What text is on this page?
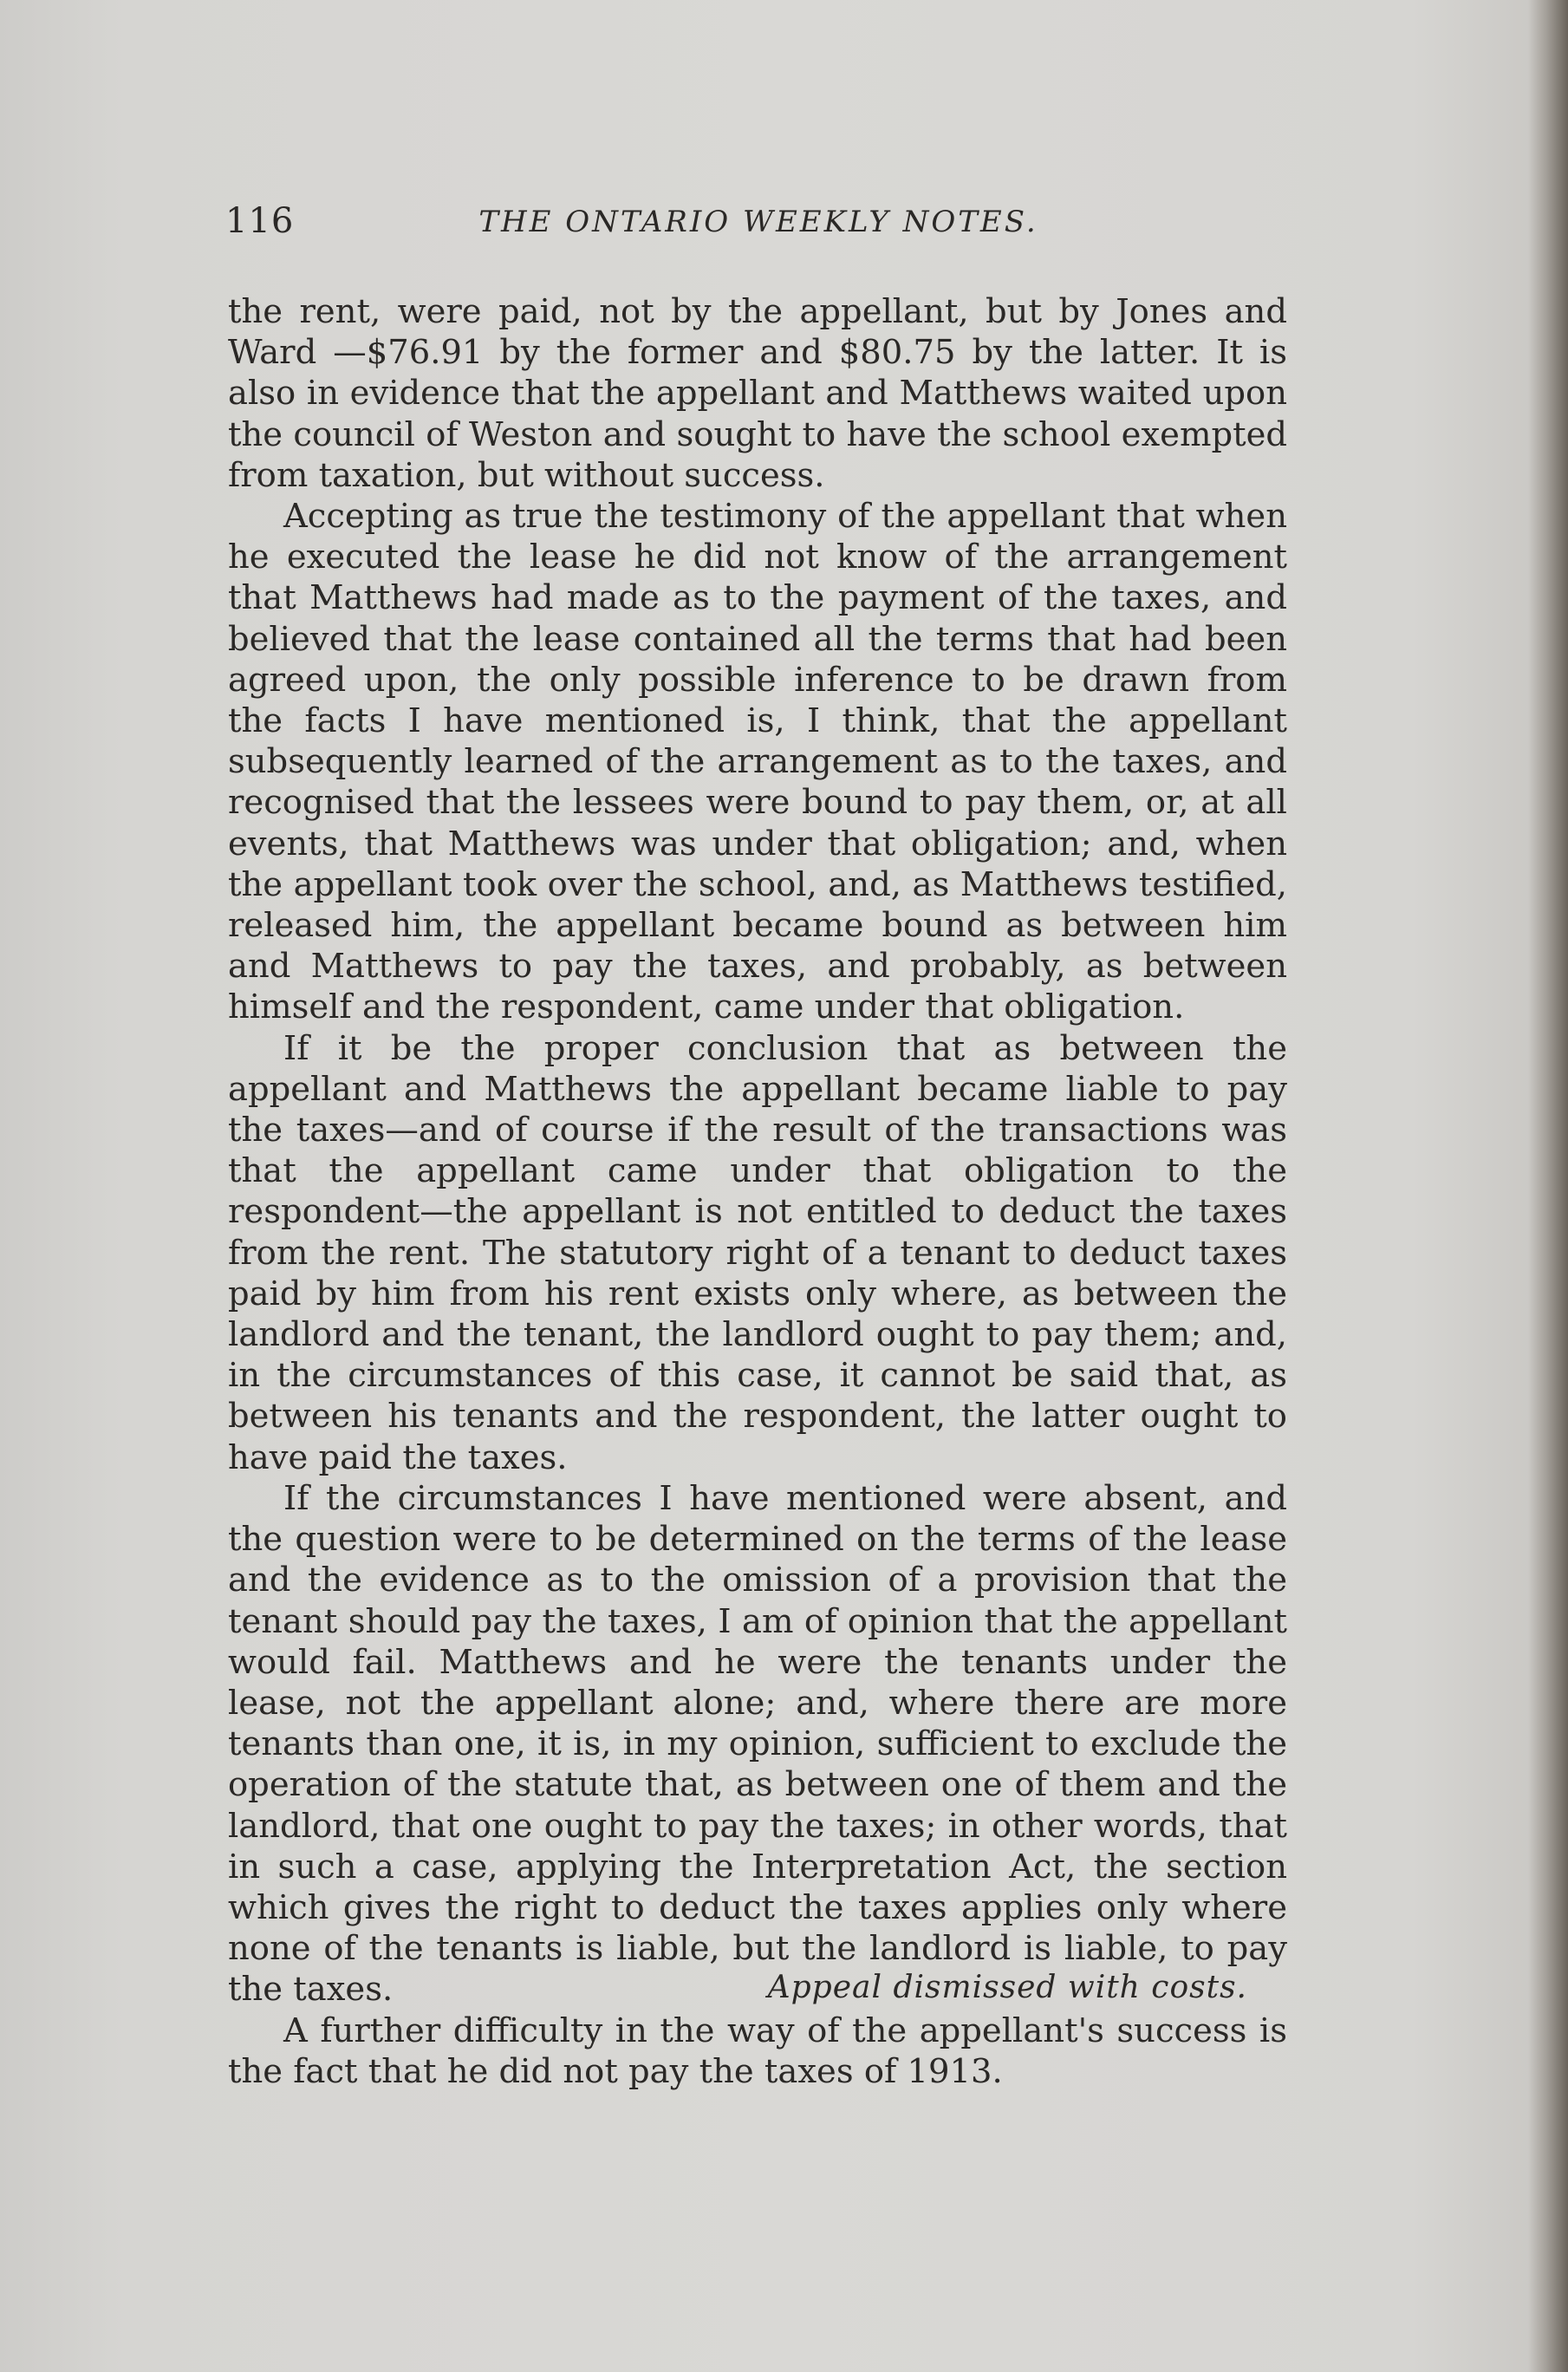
116	THE ONTARIO WEEKLY NOTES.

the rent, were paid, not by the appellant, but by Jones and Ward —$76.91 by the former and $80.75 by the latter. It is also in evidence that the appellant and Matthews waited upon the council of Weston and sought to have the school exempted from taxation, but without success.

Accepting as true the testimony of the appellant that when he executed the lease he did not know of the arrangement that Matthews had made as to the payment of the taxes, and believed that the lease contained all the terms that had been agreed upon, the only possible inference to be drawn from the facts I have mentioned is, I think, that the appellant subsequently learned of the arrangement as to the taxes, and recognised that the lessees were bound to pay them, or, at all events, that Matthews was under that obligation; and, when the appellant took over the school, and, as Matthews testified, released him, the appellant became bound as between him and Matthews to pay the taxes, and probably, as between himself and the respondent, came under that obligation.

If it be the proper conclusion that as between the appellant and Matthews the appellant became liable to pay the taxes—and of course if the result of the transactions was that the appellant came under that obligation to the respondent—the appellant is not entitled to deduct the taxes from the rent. The statutory right of a tenant to deduct taxes paid by him from his rent exists only where, as between the landlord and the tenant, the landlord ought to pay them; and, in the circumstances of this case, it cannot be said that, as between his tenants and the respondent, the latter ought to have paid the taxes.

If the circumstances I have mentioned were absent, and the question were to be determined on the terms of the lease and the evidence as to the omission of a provision that the tenant should pay the taxes, I am of opinion that the appellant would fail. Matthews and he were the tenants under the lease, not the appellant alone; and, where there are more tenants than one, it is, in my opinion, sufficient to exclude the operation of the statute that, as between one of them and the landlord, that one ought to pay the taxes; in other words, that in such a case, applying the Interpretation Act, the section which gives the right to deduct the taxes applies only where none of the tenants is liable, but the landlord is liable, to pay the taxes.

A further difficulty in the way of the appellant's success is the fact that he did not pay the taxes of 1913.

Appeal dismissed with costs.
